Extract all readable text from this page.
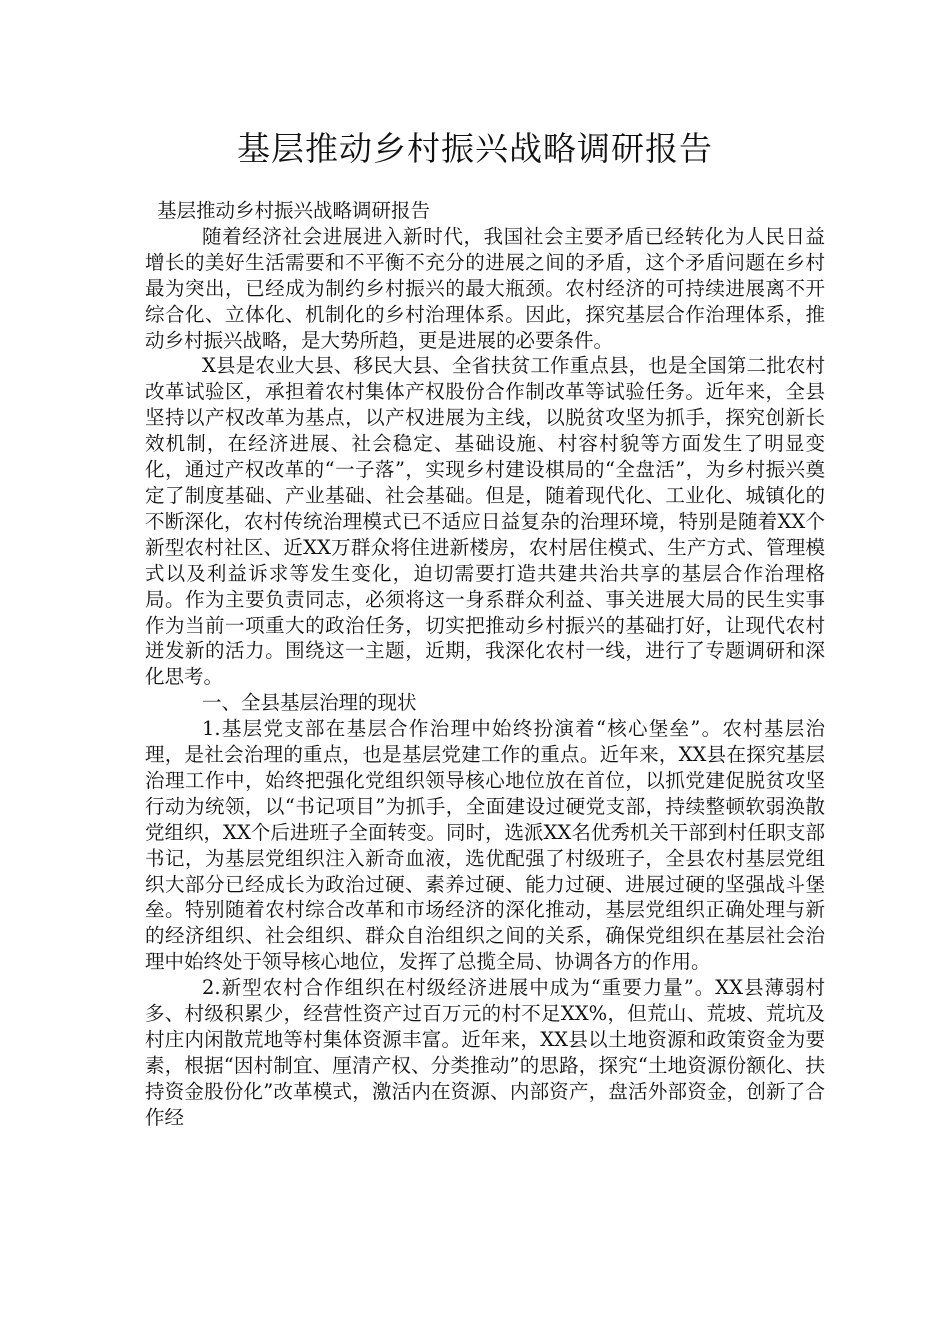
基层推动乡村振兴战略调研报告

基层推动乡村振兴战略调研报告

随着经济社会进展进入新时代，我国社会主要矛盾已经转化为人民日益增长的美好生活需要和不平衡不充分的进展之间的矛盾，这个矛盾问题在乡村最为突出，已经成为制约乡村振兴的最大瓶颈。农村经济的可持续进展离不开综合化、立体化、机制化的乡村治理体系。因此，探究基层合作治理体系，推动乡村振兴战略，是大势所趋，更是进展的必要条件。

X县是农业大县、移民大县、全省扶贫工作重点县，也是全国第二批农村改革试验区，承担着农村集体产权股份合作制改革等试验任务。近年来，全县坚持以产权改革为基点，以产权进展为主线，以脱贫攻坚为抓手，探究创新长效机制，在经济进展、社会稳定、基础设施、村容村貌等方面发生了明显变化，通过产权改革的“一子落”，实现乡村建设棋局的“全盘活”，为乡村振兴奠定了制度基础、产业基础、社会基础。但是，随着现代化、工业化、城镇化的不断深化，农村传统治理模式已不适应日益复杂的治理环境，特别是随着XX个新型农村社区、近XX万群众将住进新楼房，农村居住模式、生产方式、管理模式以及利益诉求等发生变化，迫切需要打造共建共治共享的基层合作治理格局。作为主要负责同志，必须将这一身系群众利益、事关进展大局的民生实事作为当前一项重大的政治任务，切实把推动乡村振兴的基础打好，让现代农村迸发新的活力。围绕这一主题，近期，我深化农村一线，进行了专题调研和深化思考。

一、全县基层治理的现状

1.基层党支部在基层合作治理中始终扮演着“核心堡垒”。农村基层治理，是社会治理的重点，也是基层党建工作的重点。近年来，XX县在探究基层治理工作中，始终把强化党组织领导核心地位放在首位，以抓党建促脱贫攻坚行动为统领，以“书记项目”为抓手，全面建设过硬党支部，持续整顿软弱涣散党组织，XX个后进班子全面转变。同时，选派XX名优秀机关干部到村任职支部书记，为基层党组织注入新奇血液，选优配强了村级班子，全县农村基层党组织大部分已经成长为政治过硬、素养过硬、能力过硬、进展过硬的坚强战斗堡垒。特别随着农村综合改革和市场经济的深化推动，基层党组织正确处理与新的经济组织、社会组织、群众自治组织之间的关系，确保党组织在基层社会治理中始终处于领导核心地位，发挥了总揽全局、协调各方的作用。

2.新型农村合作组织在村级经济进展中成为“重要力量”。XX县薄弱村多、村级积累少，经营性资产过百万元的村不足XX%，但荒山、荒坡、荒坑及村庄内闲散荒地等村集体资源丰富。近年来，XX县以土地资源和政策资金为要素，根据“因村制宜、厘清产权、分类推动”的思路，探究“土地资源份额化、扶持资金股份化”改革模式，激活内在资源、内部资产，盘活外部资金，创新了合作经
